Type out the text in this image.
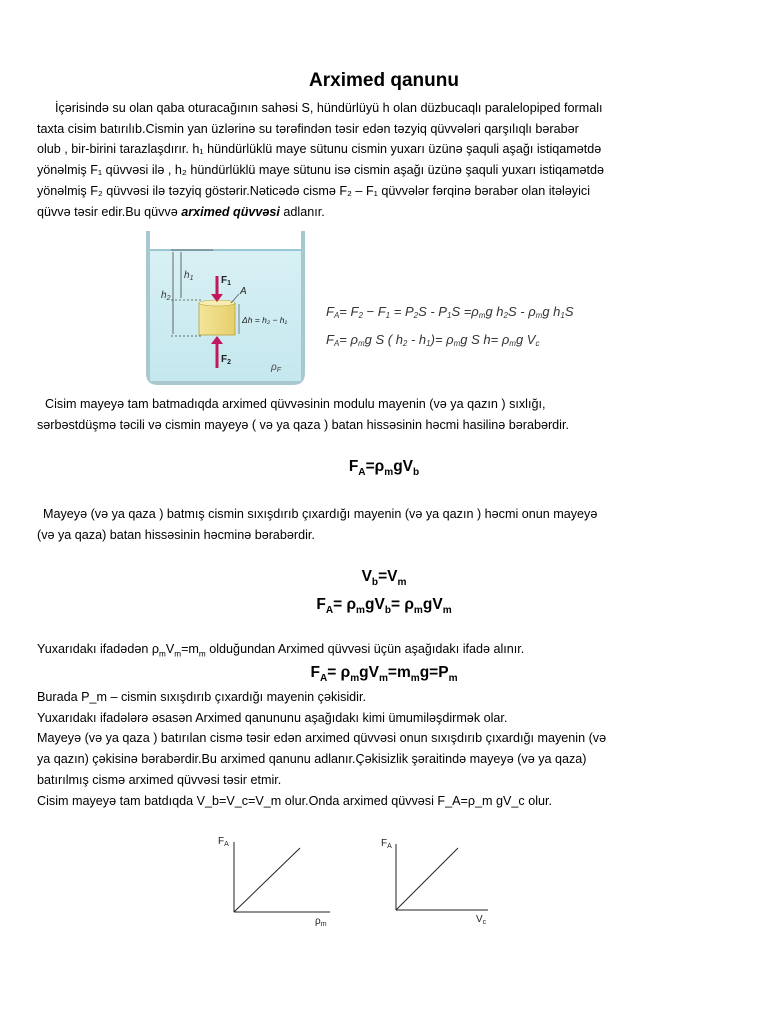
Arximed qanunu
İçərisində su olan qaba oturacağının sahəsi S, hündürlüyü h olan düzbucaqlı paralelopiped formalı
taxta cisim batırılıb.Cismin yan üzlərinə su tərəfindən təsir edən təzyiq qüvvələri qarşılıqlı bərabər
olub , bir-birini tarazlaşdırır. h₁ hündürlüklü maye sütunu cismin yuxarı üzünə şaquli aşağı istiqamətdə
yönəlmiş F₁ qüvvəsi ilə , h₂ hündürlüklü maye sütunu isə cismin aşağı üzünə şaquli yuxarı istiqamətdə
yönəlmiş F₂ qüvvəsi ilə təzyiq göstərir.Nəticədə cismə F₂ – F₁ qüvvələr fərqinə bərabər olan itələyici
qüvvə təsir edir.Bu qüvvə arximed qüvvəsi adlanır.
$h_1$
$h_2$
$F_1$
$F_2$
A
Δh = h₂ − h₁
$\rho_F$
FA= F2 − F1 = P2S - P1S =ρmg h2S - ρmg h1S
FA= ρmg S ( h2 - h1)= ρmg S h= ρmg Vc
Cisim mayeyə tam batmadıqda arximed qüvvəsinin modulu mayenin (və ya qazın ) sıxlığı,
sərbəstdüşmə təcili və cismin mayeyə ( və ya qaza ) batan hissəsinin həcmi hasilinə bərabərdir.
$F_A=\rho_mgV_b$
Mayeyə (və ya qaza ) batmış cismin sıxışdırıb çıxardığı mayenin (və ya qazın ) həcmi onun mayeyə
(və ya qaza) batan hissəsinin həcminə bərabərdir.
$V_b=V_m$
$F_A= \rho_mgV_b= \rho_mgV_m$
Yuxarıdakı ifadədən $\rho_mV_m=m_m$ olduğundan Arximed qüvvəsi üçün aşağıdakı ifadə alınır.
$F_A= \rho_mgV_m=m_mg=P_m$
Burada P_m – cismin sıxışdırıb çıxardığı mayenin çəkisidir.
Yuxarıdakı ifadələrə əsasən Arximed qanununu aşağıdakı kimi ümumiləşdirmək olar.
Mayeyə (və ya qaza ) batırılan cismə təsir edən arximed qüvvəsi onun sıxışdırıb çıxardığı mayenin (və
ya qazın) çəkisinə bərabərdir.Bu arximed qanunu adlanır.Çəkisizlik şəraitində mayeyə (və ya qaza)
batırılmış cismə arximed qüvvəsi təsir etmir.
Cisim mayeyə tam batdıqda V_b=V_c=V_m olur.Onda arximed qüvvəsi F_A=ρ_m gV_c olur.
$F_A$
$\rho_m$
$F_A$
$V_c$
